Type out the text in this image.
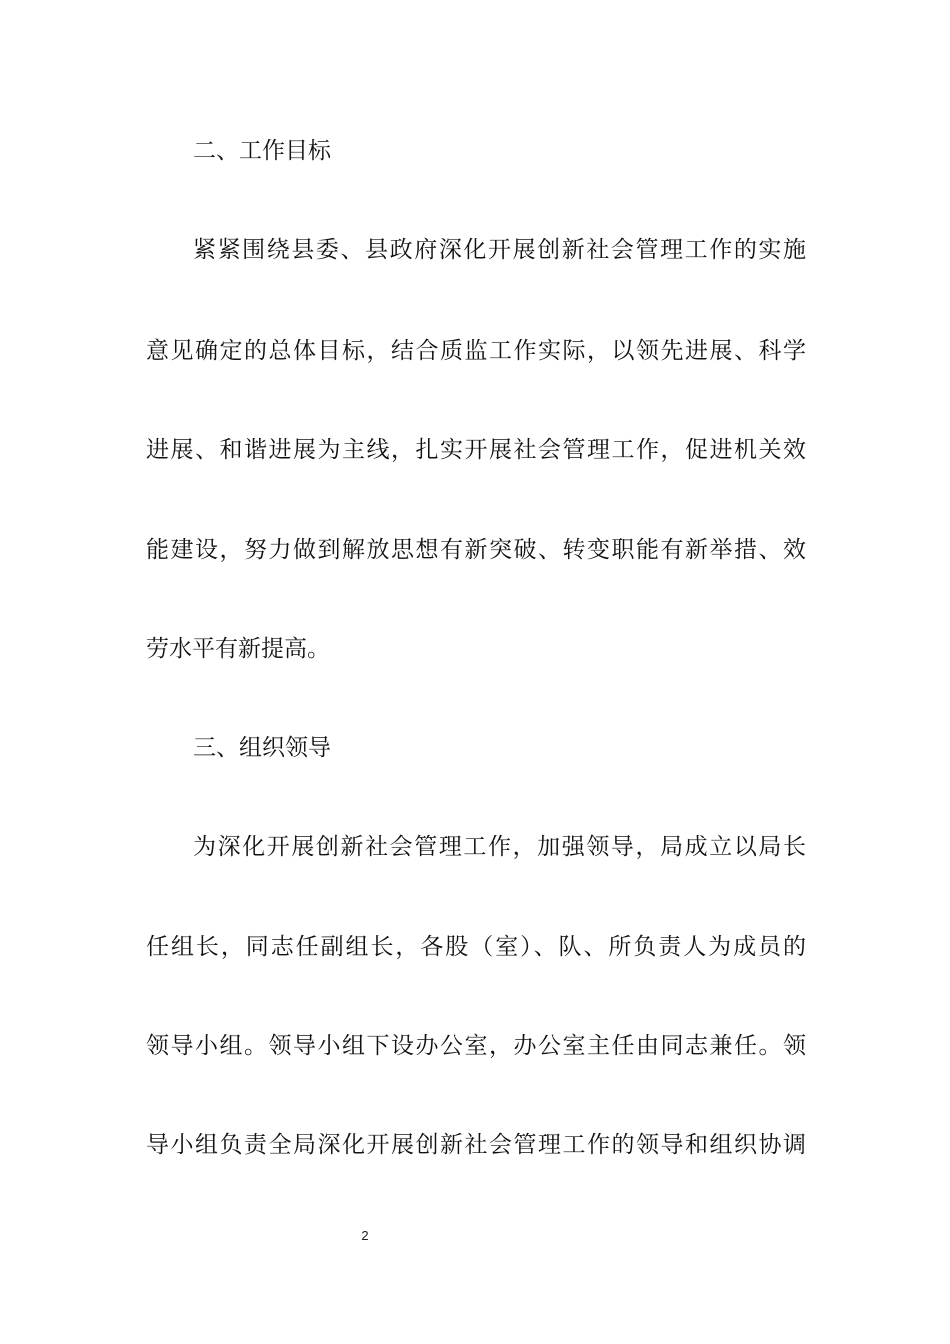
二、工作目标
紧紧围绕县委、县政府深化开展创新社会管理工作的实施
意见确定的总体目标，结合质监工作实际，以领先进展、科学
进展、和谐进展为主线，扎实开展社会管理工作，促进机关效
能建设，努力做到解放思想有新突破、转变职能有新举措、效
劳水平有新提高。
三、组织领导
为深化开展创新社会管理工作，加强领导，局成立以局长
任组长，同志任副组长，各股（室）、队、所负责人为成员的
领导小组。领导小组下设办公室，办公室主任由同志兼任。领
导小组负责全局深化开展创新社会管理工作的领导和组织协调
2
